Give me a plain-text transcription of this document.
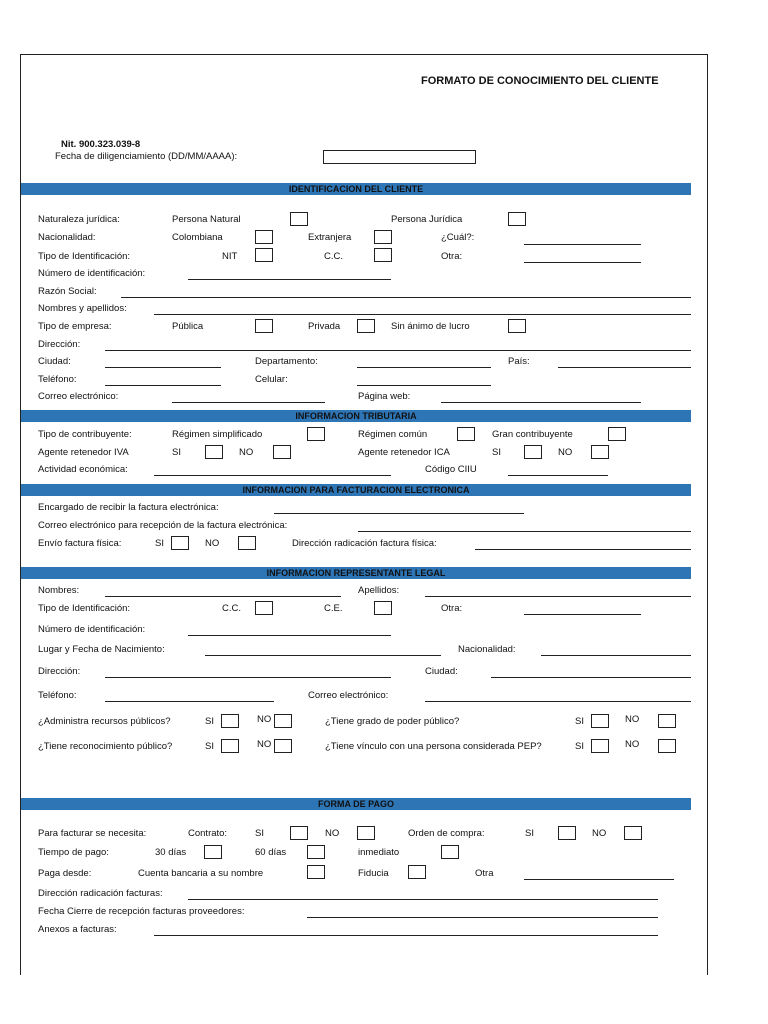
FORMATO DE CONOCIMIENTO DEL CLIENTE
Nit. 900.323.039-8
Fecha de diligenciamiento (DD/MM/AAAA):
IDENTIFICACION DEL CLIENTE
Naturaleza jurídica:	Persona Natural	Persona Jurídica
Nacionalidad:	Colombiana	Extranjera	¿Cuál?:
Tipo de Identificación:	NIT	C.C.	Otra:
Número de identificación:
Razón Social:
Nombres y apellidos:
Tipo de empresa:	Pública	Privada	Sin ánimo de lucro
Dirección:
Ciudad:	Departamento:	País:
Teléfono:	Celular:
Correo electrónico:	Página web:
INFORMACION TRIBUTARIA
Tipo de contribuyente:	Régimen simplificado	Régimen común	Gran contribuyente
Agente retenedor IVA	SI	NO	Agente retenedor ICA	SI	NO
Actividad económica:	Código CIIU
INFORMACION PARA FACTURACION ELECTRONICA
Encargado de recibir la factura electrónica:
Correo electrónico para recepción de la factura electrónica:
Envío factura física:	SI	NO	Dirección radicación factura física:
INFORMACION REPRESENTANTE LEGAL
Nombres:	Apellidos:
Tipo de Identificación:	C.C.	C.E.	Otra:
Número de identificación:
Lugar y Fecha de Nacimiento:	Nacionalidad:
Dirección:	Ciudad:
Teléfono:	Correo electrónico:
¿Administra recursos públicos?	SI	NO	¿Tiene grado de poder público?	SI	NO
¿Tiene reconocimiento público?	SI	NO	¿Tiene vínculo con una persona considerada PEP?	SI	NO
FORMA DE PAGO
Para facturar se necesita:	Contrato:	SI	NO	Orden de compra:	SI	NO
Tiempo de pago:	30 días	60 días	inmediato
Paga desde:	Cuenta bancaria a su nombre	Fiducia	Otra
Dirección radicación facturas:
Fecha Cierre de recepción facturas proveedores:
Anexos a facturas:
